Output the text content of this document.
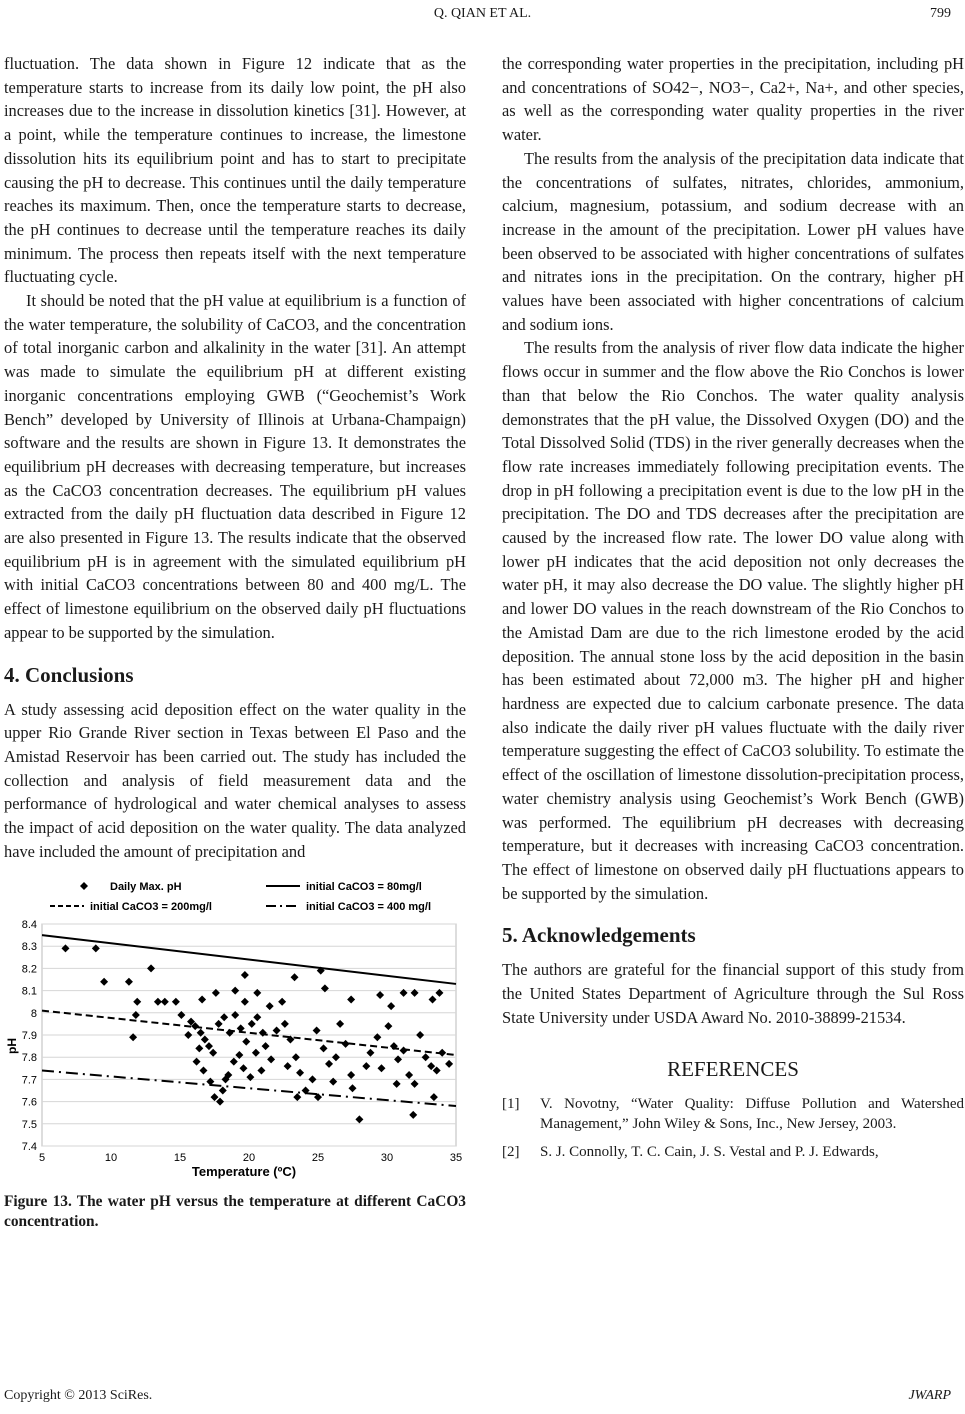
Q. QIAN ET AL.	799

fluctuation. The data shown in Figure 12 indicate that as the temperature starts to increase from its daily low point, the pH also increases due to the increase in dissolution kinetics [31]. However, at a point, while the temperature continues to increase, the limestone dissolution hits its equilibrium point and has to start to precipitate causing the pH to decrease. This continues until the daily temperature reaches its maximum. Then, once the temperature starts to decrease, the pH continues to decrease until the temperature reaches its daily minimum. The process then repeats itself with the next temperature fluctuating cycle.

It should be noted that the pH value at equilibrium is a function of the water temperature, the solubility of CaCO3, and the concentration of total inorganic carbon and alkalinity in the water [31]. An attempt was made to simulate the equilibrium pH at different existing inorganic concentrations employing GWB (“Geochemist’s Work Bench” developed by University of Illinois at Urbana-Champaign) software and the results are shown in Figure 13. It demonstrates the equilibrium pH decreases with decreasing temperature, but increases as the CaCO3 concentration decreases. The equilibrium pH values extracted from the daily pH fluctuation data described in Figure 12 are also presented in Figure 13. The results indicate that the observed equilibrium pH is in agreement with the simulated equilibrium pH with initial CaCO3 concentrations between 80 and 400 mg/L. The effect of limestone equilibrium on the observed daily pH fluctuations appear to be supported by the simulation.

4. Conclusions

A study assessing acid deposition effect on the water quality in the upper Rio Grande River section in Texas between El Paso and the Amistad Reservoir has been carried out. The study has included the collection and analysis of field measurement data and the performance of hydrological and water chemical analyses to assess the impact of acid deposition on the water quality. The data analyzed have included the amount of precipitation and

7.4
7.5
7.6
7.7
7.8
7.9
8
8.1
8.2
8.3
8.4
5	10	15	20	25	30	35
Daily Max. pH	initial CaCO3 = 80mg/l
initial CaCO3 = 200mg/l	initial CaCO3 = 400 mg/l
pH
Temperature (ºC)
Figure 13. The water pH versus the temperature at different CaCO3 concentration.

the corresponding water properties in the precipitation, including pH and concentrations of SO42−, NO3−, Ca2+, Na+, and other species, as well as the corresponding water quality properties in the river water.

The results from the analysis of the precipitation data indicate that the concentrations of sulfates, nitrates, chlorides, ammonium, calcium, magnesium, potassium, and sodium decrease with an increase in the amount of the precipitation. Lower pH values have been observed to be associated with higher concentrations of sulfates and nitrates ions in the precipitation. On the contrary, higher pH values have been associated with higher concentrations of calcium and sodium ions.

The results from the analysis of river flow data indicate the higher flows occur in summer and the flow above the Rio Conchos is lower than that below the Rio Conchos. The water quality analysis demonstrates that the pH value, the Dissolved Oxygen (DO) and the Total Dissolved Solid (TDS) in the river generally decreases when the flow rate increases immediately following precipitation events. The drop in pH following a precipitation event is due to the low pH in the precipitation. The DO and TDS decreases after the precipitation are caused by the increased flow rate. The lower DO value along with lower pH indicates that the acid deposition not only decreases the water pH, it may also decrease the DO value. The slightly higher pH and lower DO values in the reach downstream of the Rio Conchos to the Amistad Dam are due to the rich limestone eroded by the acid deposition. The annual stone loss by the acid deposition in the basin has been estimated about 72,000 m3. The higher pH and higher hardness are expected due to calcium carbonate presence. The data also indicate the daily river pH values fluctuate with the daily river temperature suggesting the effect of CaCO3 solubility. To estimate the effect of the oscillation of limestone dissolution-precipitation process, water chemistry analysis using Geochemist’s Work Bench (GWB) was performed. The equilibrium pH decreases with decreasing temperature, but it decreases with increasing CaCO3 concentration. The effect of limestone on observed daily pH fluctuations appears to be supported by the simulation.

5. Acknowledgements

The authors are grateful for the financial support of this study from the United States Department of Agriculture through the Sul Ross State University under USDA Award No. 2010-38899-21534.

REFERENCES
[1]	V. Novotny, “Water Quality: Diffuse Pollution and Watershed Management,” John Wiley & Sons, Inc., New Jersey, 2003.
[2]	S. J. Connolly, T. C. Cain, J. S. Vestal and P. J. Edwards,
Copyright © 2013 SciRes.	JWARP
